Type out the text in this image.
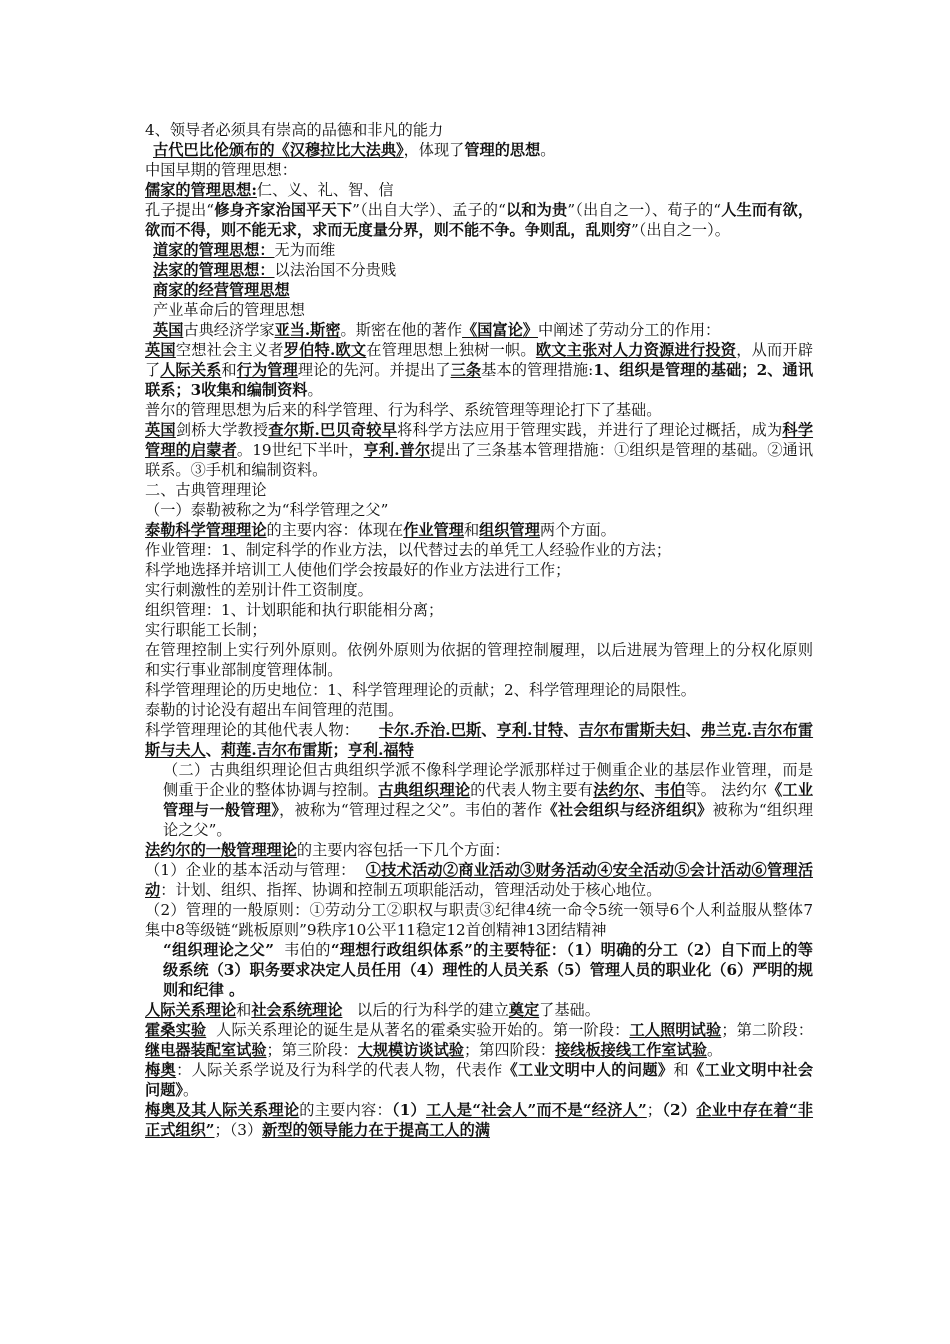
4、领导者必须具有崇高的品德和非凡的能力

古代巴比伦颁布的《汉穆拉比大法典》，体现了管理的思想。

中国早期的管理思想：

儒家的管理思想:仁、义、礼、智、信

孔子提出“修身齐家治国平天下”（出自大学）、孟子的“以和为贵”（出自之一）、荀子的“人生而有欲，欲而不得，则不能无求，求而无度量分界，则不能不争。争则乱，乱则穷”（出自之一）。

道家的管理思想：无为而维

法家的管理思想：以法治国不分贵贱

商家的经营管理思想

产业革命后的管理思想

英国古典经济学家亚当.斯密。斯密在他的著作《国富论》中阐述了劳动分工的作用：

英国空想社会主义者罗伯特.欧文在管理思想上独树一帜。欧文主张对人力资源进行投资，从而开辟了人际关系和行为管理理论的先河。并提出了三条基本的管理措施:1、组织是管理的基础；2、通讯联系；3收集和编制资料。

普尔的管理思想为后来的科学管理、行为科学、系统管理等理论打下了基础。

英国剑桥大学教授查尔斯.巴贝奇较早将科学方法应用于管理实践，并进行了理论过概括，成为科学管理的启蒙者。19世纪下半叶，亨利.普尔提出了三条基本管理措施：①组织是管理的基础。②通讯联系。③手机和编制资料。

二、古典管理理论

（一）泰勒被称之为“科学管理之父”

泰勒科学管理理论的主要内容：体现在作业管理和组织管理两个方面。

作业管理：1、制定科学的作业方法，以代替过去的单凭工人经验作业的方法；

科学地选择并培训工人使他们学会按最好的作业方法进行工作；

实行刺激性的差别计件工资制度。

组织管理：1、计划职能和执行职能相分离；

实行职能工长制；

在管理控制上实行列外原则。依例外原则为依据的管理控制履理，以后进展为管理上的分权化原则和实行事业部制度管理体制。

科学管理理论的历史地位：1、科学管理理论的贡献；2、科学管理理论的局限性。

泰勒的讨论没有超出车间管理的范围。

科学管理理论的其他代表人物： 卡尔.乔治.巴斯、亨利.甘特、吉尔布雷斯夫妇、弗兰克.吉尔布雷斯与夫人、莉莲.吉尔布雷斯；亨利.福特

（二）古典组织理论但古典组织学派不像科学理论学派那样过于侧重企业的基层作业管理，而是侧重于企业的整体协调与控制。古典组织理论的代表人物主要有法约尔、韦伯等。 法约尔《工业管理与一般管理》，被称为“管理过程之父”。韦伯的著作《社会组织与经济组织》被称为“组织理论之父”。

法约尔的一般管理理论的主要内容包括一下几个方面：

（1）企业的基本活动与管理： ①技术活动②商业活动③财务活动④安全活动⑤会计活动⑥管理活动：计划、组织、指挥、协调和控制五项职能活动，管理活动处于核心地位。

（2）管理的一般原则：①劳动分工②职权与职责③纪律4统一命令5统一领导6个人利益服从整体7集中8等级链“跳板原则”9秩序10公平11稳定12首创精神13团结精神

“组织理论之父” 韦伯的“理想行政组织体系”的主要特征：（1）明确的分工（2）自下而上的等级系统（3）职务要求决定人员任用（4）理性的人员关系（5）管理人员的职业化（6）严明的规则和纪律 。

人际关系理论和社会系统理论 以后的行为科学的建立奠定了基础。

霍桑实验 人际关系理论的诞生是从著名的霍桑实验开始的。第一阶段：工人照明试验；第二阶段：继电器装配室试验；第三阶段：大规模访谈试验；第四阶段：接线板接线工作室试验。

梅奥：人际关系学说及行为科学的代表人物，代表作《工业文明中人的问题》和《工业文明中社会问题》。

梅奥及其人际关系理论的主要内容：（1）工人是“社会人”而不是“经济人”；（2）企业中存在着“非正式组织”；（3）新型的领导能力在于提高工人的满
